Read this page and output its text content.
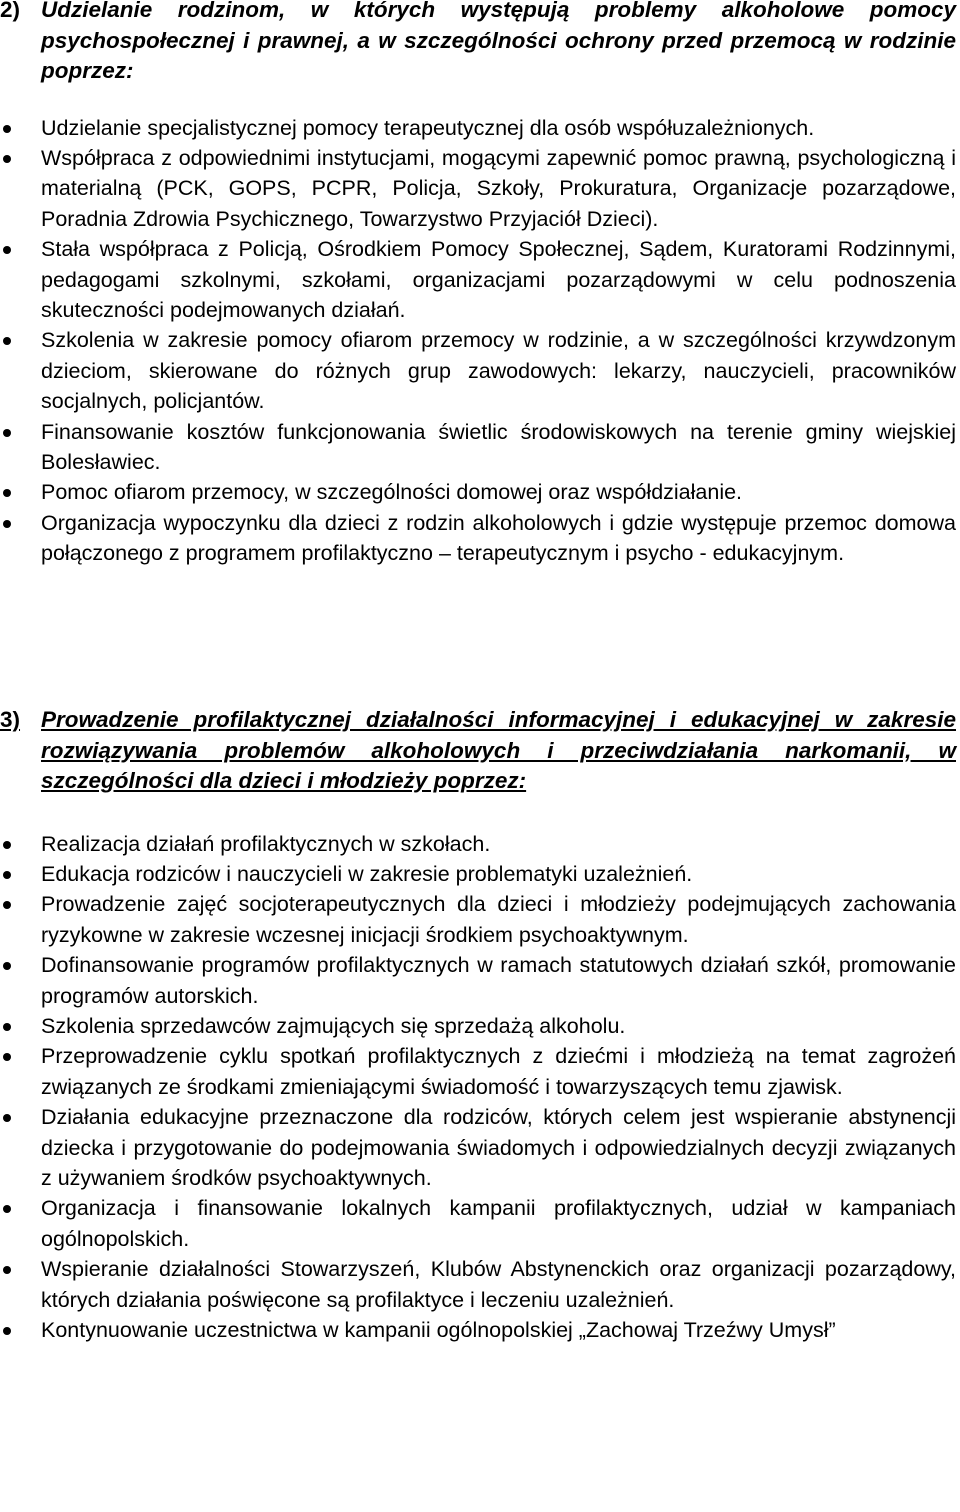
2) Udzielanie rodzinom, w których występują problemy alkoholowe pomocy psychospołecznej i prawnej, a w szczególności ochrony przed przemocą w rodzinie poprzez:
Udzielanie specjalistycznej pomocy terapeutycznej dla osób współuzależnionych.
Współpraca z odpowiednimi instytucjami, mogącymi zapewnić pomoc prawną, psychologiczną i materialną (PCK, GOPS, PCPR, Policja, Szkoły, Prokuratura, Organizacje pozarządowe, Poradnia Zdrowia Psychicznego, Towarzystwo Przyjaciół Dzieci).
Stała współpraca z Policją, Ośrodkiem Pomocy Społecznej, Sądem, Kuratorami Rodzinnymi, pedagogami szkolnymi, szkołami, organizacjami pozarządowymi w celu podnoszenia skuteczności podejmowanych działań.
Szkolenia w zakresie pomocy ofiarom przemocy w rodzinie, a w szczególności krzywdzonym dzieciom, skierowane do różnych grup zawodowych: lekarzy, nauczycieli, pracowników socjalnych, policjantów.
Finansowanie kosztów funkcjonowania świetlic środowiskowych na terenie gminy wiejskiej Bolesławiec.
Pomoc ofiarom przemocy, w szczególności domowej oraz współdziałanie.
Organizacja wypoczynku dla dzieci z rodzin alkoholowych i gdzie występuje przemoc domowa połączonego z programem profilaktyczno – terapeutycznym i psycho - edukacyjnym.
3) Prowadzenie profilaktycznej działalności informacyjnej i edukacyjnej w zakresie rozwiązywania problemów alkoholowych i przeciwdziałania narkomanii, w szczególności dla dzieci i młodzieży poprzez:
Realizacja działań profilaktycznych w szkołach.
Edukacja rodziców i nauczycieli w zakresie problematyki uzależnień.
Prowadzenie zajęć socjoterapeutycznych dla dzieci i młodzieży podejmujących zachowania ryzykowne w zakresie wczesnej inicjacji środkiem psychoaktywnym.
Dofinansowanie programów profilaktycznych w ramach statutowych działań szkół, promowanie programów autorskich.
Szkolenia sprzedawców zajmujących się sprzedażą alkoholu.
Przeprowadzenie cyklu spotkań profilaktycznych z dziećmi i młodzieżą na temat zagrożeń związanych ze środkami zmieniającymi świadomość i towarzyszących temu zjawisk.
Działania edukacyjne przeznaczone dla rodziców, których celem jest wspieranie abstynencji dziecka i przygotowanie do podejmowania świadomych i odpowiedzialnych decyzji związanych z używaniem środków psychoaktywnych.
Organizacja i finansowanie lokalnych kampanii profilaktycznych, udział w kampaniach ogólnopolskich.
Wspieranie działalności Stowarzyszeń, Klubów Abstynenckich oraz organizacji pozarządowy, których działania poświęcone są profilaktyce i leczeniu uzależnień.
Kontynuowanie uczestnictwa w kampanii ogólnopolskiej „Zachowaj Trzeźwy Umysł”
